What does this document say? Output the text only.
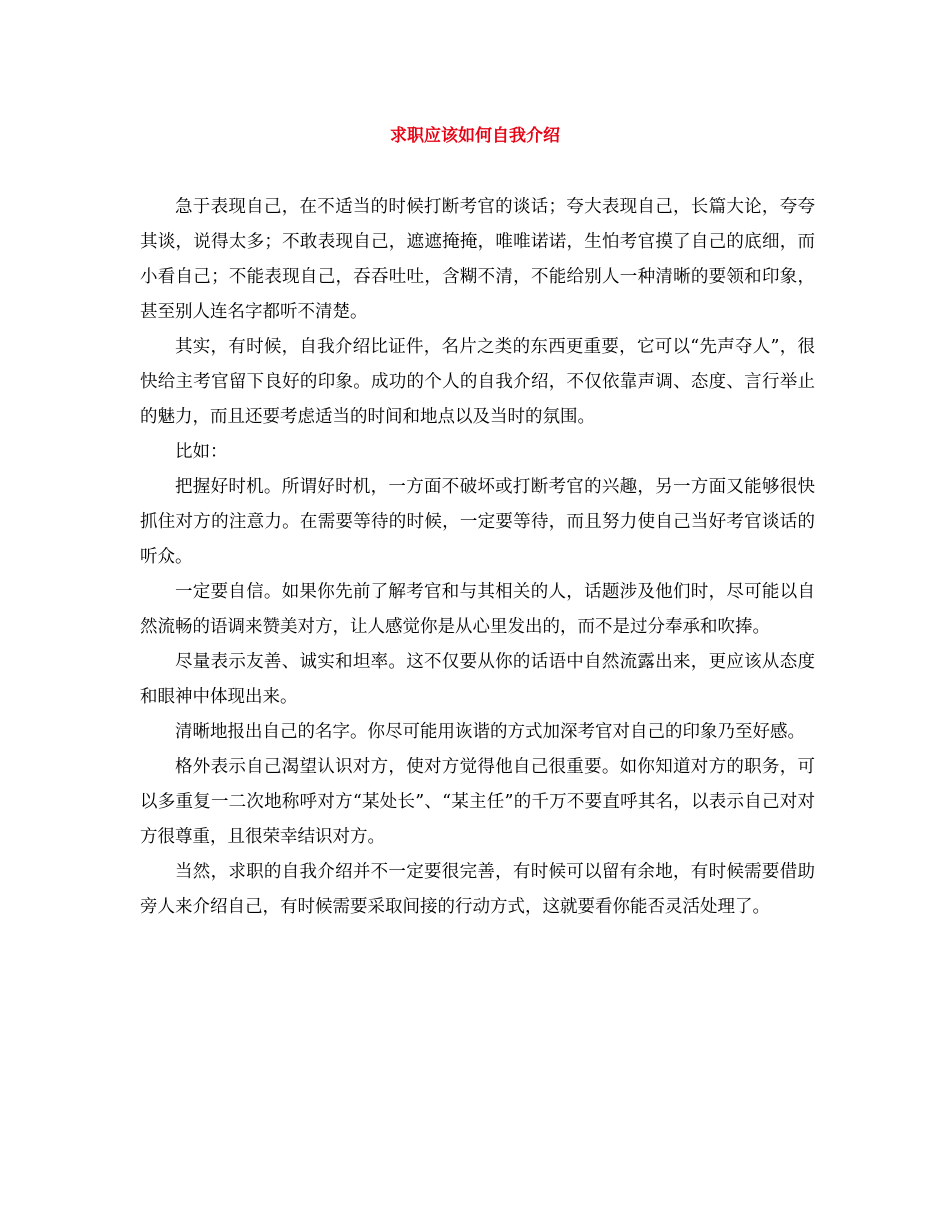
求职应该如何自我介绍

急于表现自己，在不适当的时候打断考官的谈话；夸大表现自己，长篇大论，夸夸其谈，说得太多；不敢表现自己，遮遮掩掩，唯唯诺诺，生怕考官摸了自己的底细，而小看自己；不能表现自己，吞吞吐吐，含糊不清，不能给别人一种清晰的要领和印象，甚至别人连名字都听不清楚。

其实，有时候，自我介绍比证件，名片之类的东西更重要，它可以“先声夺人”，很快给主考官留下良好的印象。成功的个人的自我介绍，不仅依靠声调、态度、言行举止的魅力，而且还要考虑适当的时间和地点以及当时的氛围。

比如：

把握好时机。所谓好时机，一方面不破坏或打断考官的兴趣，另一方面又能够很快抓住对方的注意力。在需要等待的时候，一定要等待，而且努力使自己当好考官谈话的听众。

一定要自信。如果你先前了解考官和与其相关的人，话题涉及他们时，尽可能以自然流畅的语调来赞美对方，让人感觉你是从心里发出的，而不是过分奉承和吹捧。

尽量表示友善、诚实和坦率。这不仅要从你的话语中自然流露出来，更应该从态度和眼神中体现出来。

清晰地报出自己的名字。你尽可能用诙谐的方式加深考官对自己的印象乃至好感。

格外表示自己渴望认识对方，使对方觉得他自己很重要。如你知道对方的职务，可以多重复一二次地称呼对方“某处长”、“某主任”的千万不要直呼其名，以表示自己对对方很尊重，且很荣幸结识对方。

当然，求职的自我介绍并不一定要很完善，有时候可以留有余地，有时候需要借助旁人来介绍自己，有时候需要采取间接的行动方式，这就要看你能否灵活处理了。
